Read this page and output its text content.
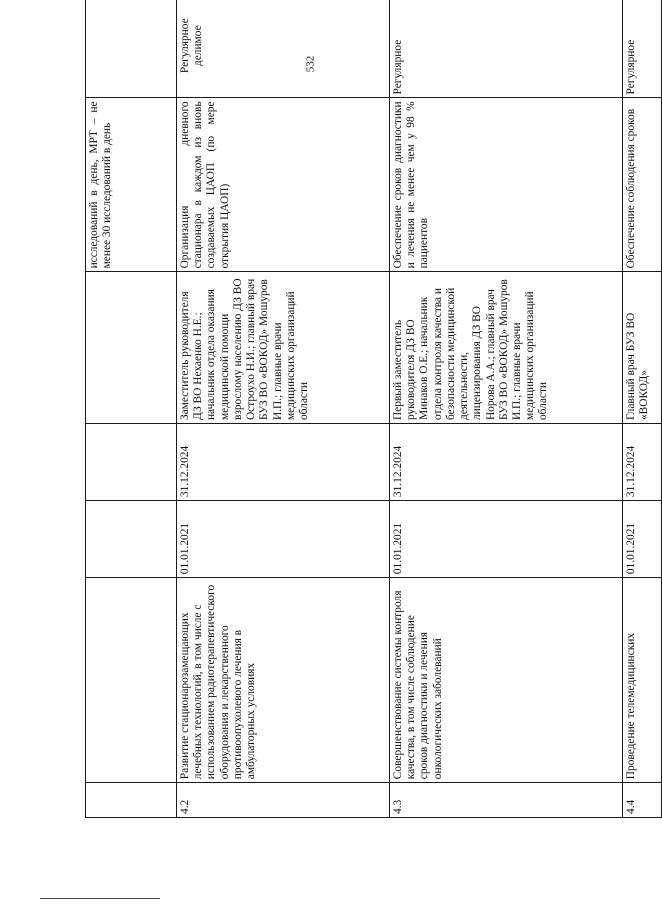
532
					исследований в день, МРТ – не менее 30 исследований в день	
4.2	Развитие стационарозамещающих лечебных технологий, в том числе с использованием радиотерапевтического оборудования и лекарственного противоопухолевого лечения в амбулаторных условиях	01.01.2021	31.12.2024	Заместитель руководителя ДЗ ВО Нехаенко Н.Е.; начальник отдела оказания медицинской помощи взрослому населению ДЗ ВО Остроухо Н.И.; главный врач БУЗ ВО «ВОКОД» Мошуров И.П.; главные врачи медицинских организаций области	Организация дневного стационара в каждом из вновь создаваемых ЦАОП (по мере открытия ЦАОП)	Регулярное делимое
4.3	Совершенствование системы контроля качества, в том числе соблюдение сроков диагностики и лечения онкологических заболеваний	01.01.2021	31.12.2024	Первый заместитель руководителя ДЗ ВО Минаков О.Е.; начальник отдела контроля качества и безопасности медицинской деятельности, лицензирования ДЗ ВО Норова А.А.; главный врач БУЗ ВО «ВОКОД» Мошуров И.П.; главные врачи медицинских организаций области	Обеспечение сроков диагностики и лечения не менее чем у 98 % пациентов	Регулярное
4.4	Проведение телемедицинских	01.01.2021	31.12.2024	Главный врач БУЗ ВО «ВОКОД»	Обеспечение соблюдения сроков	Регулярное
